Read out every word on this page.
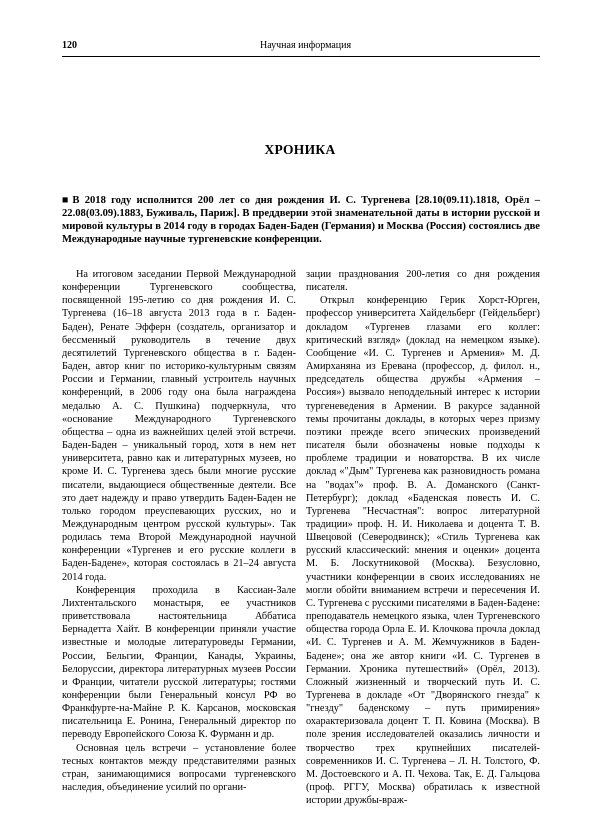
120	Научная информация
ХРОНИКА
■ В 2018 году исполнится 200 лет со дня рождения И. С. Тургенева [28.10(09.11).1818, Орёл – 22.08(03.09).1883, Буживаль, Париж]. В преддверии этой знаменательной даты в истории русской и мировой культуры в 2014 году в городах Баден-Баден (Германия) и Москва (Россия) состоялись две Международные научные тургеневские конференции.

На итоговом заседании Первой Международной конференции Тургеневского сообщества, посвященной 195-летию со дня рождения И. С. Тургенева (16–18 августа 2013 года в г. Баден-Баден), Ренате Эфферн (создатель, организатор и бессменный руководитель в течение двух десятилетий Тургеневского общества в г. Баден-Баден, автор книг по историко-культурным связям России и Германии, главный устроитель научных конференций, в 2006 году она была награждена медалью А. С. Пушкина) подчеркнула, что «основание Международного Тургеневского общества – одна из важнейших целей этой встречи. Баден-Баден – уникальный город, хотя в нем нет университета, равно как и литературных музеев, но кроме И. С. Тургенева здесь были многие русские писатели, выдающиеся общественные деятели. Все это дает надежду и право утвердить Баден-Баден не только городом преуспевающих русских, но и Международным центром русской культуры». Так родилась тема Второй Международной научной конференции «Тургенев и его русские коллеги в Баден-Бадене», которая состоялась в 21–24 августа 2014 года.

Конференция проходила в Кассиан-Зале Лихтентальского монастыря, ее участников приветствовала настоятельница Аббатиса Бернадетта Хайт. В конференции приняли участие известные и молодые литературоведы Германии, России, Бельгии, Франции, Канады, Украины, Белоруссии, директора литературных музеев России и Франции, читатели русской литературы; гостями конференции были Генеральный консул РФ во Франкфурте-на-Майне Р. К. Карсанов, московская писательница Е. Ронина, Генеральный директор по переводу Европейского Союза К. Фурманн и др.

Основная цель встречи – установление более тесных контактов между представителями разных стран, занимающимися вопросами тургеневского наследия, объединение усилий по органи-

зации празднования 200-летия со дня рождения писателя.

Открыл конференцию Герик Хорст-Юрген, профессор университета Хайдельберг (Гейдельберг) докладом «Тургенев глазами его коллег: критический взгляд» (доклад на немецком языке). Сообщение «И. С. Тургенев и Армения» М. Д. Амирханяна из Еревана (профессор, д. филол. н., председатель общества дружбы «Армения – Россия») вызвало неподдельный интерес к истории тургеневедения в Армении. В ракурсе заданной темы прочитаны доклады, в которых через призму поэтики прежде всего эпических произведений писателя были обозначены новые подходы к проблеме традиции и новаторства. В их числе доклад «"Дым" Тургенева как разновидность романа на "водах"» проф. В. А. Доманского (Санкт-Петербург); доклад «Баденская повесть И. С. Тургенева "Несчастная": вопрос литературной традиции» проф. Н. И. Николаева и доцента Т. В. Швецовой (Северодвинск); «Стиль Тургенева как русский классический: мнения и оценки» доцента М. Б. Лоскутниковой (Москва). Безусловно, участники конференции в своих исследованиях не могли обойти вниманием встречи и пересечения И. С. Тургенева с русскими писателями в Баден-Бадене: преподаватель немецкого языка, член Тургеневского общества города Орла Е. И. Клочкова прочла доклад «И. С. Тургенев и А. М. Жемчужников в Баден-Бадене»; она же автор книги «И. С. Тургенев в Германии. Хроника путешествий» (Орёл, 2013). Сложный жизненный и творческий путь И. С. Тургенева в докладе «От "Дворянского гнезда" к "гнезду" баденскому – путь примирения» охарактеризовала доцент Т. П. Ковина (Москва). В поле зрения исследователей оказались личности и творчество трех крупнейших писателей-современников И. С. Тургенева – Л. Н. Толстого, Ф. М. Достоевского и А. П. Чехова. Так, Е. Д. Гальцова (проф. РГГУ, Москва) обратилась к известной истории дружбы-враж-
